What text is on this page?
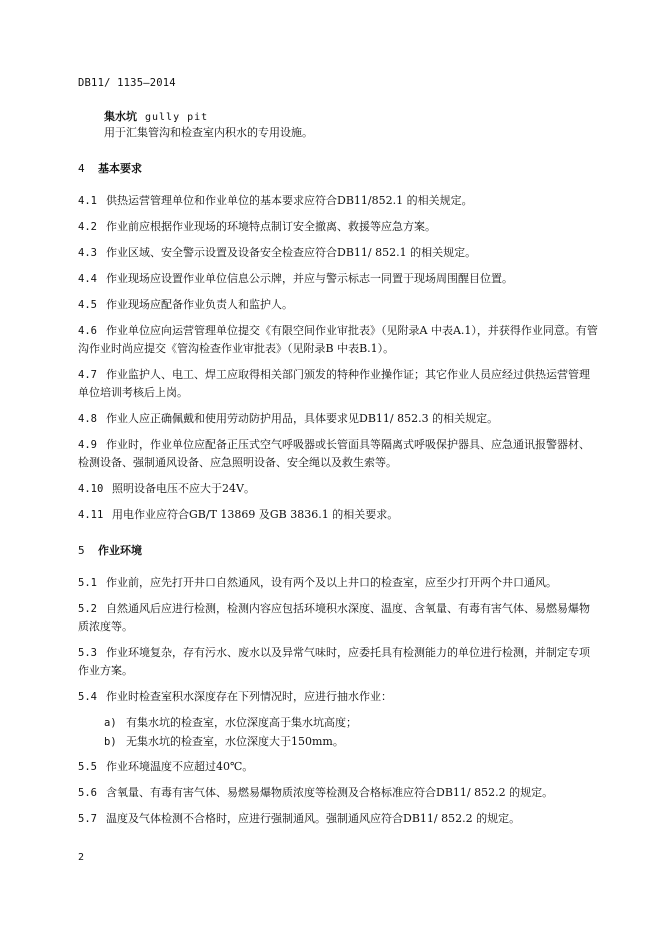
DB11/ 1135—2014
集水坑 gully pit
用于汇集管沟和检查室内积水的专用设施。
4 基本要求
4.1 供热运营管理单位和作业单位的基本要求应符合DB11/852.1 的相关规定。
4.2 作业前应根据作业现场的环境特点制订安全撤离、救援等应急方案。
4.3 作业区域、安全警示设置及设备安全检查应符合DB11/ 852.1 的相关规定。
4.4 作业现场应设置作业单位信息公示牌，并应与警示标志一同置于现场周围醒目位置。
4.5 作业现场应配备作业负责人和监护人。
4.6 作业单位应向运营管理单位提交《有限空间作业审批表》（见附录A 中表A.1），并获得作业同意。有管沟作业时尚应提交《管沟检查作业审批表》（见附录B 中表B.1）。
4.7 作业监护人、电工、焊工应取得相关部门颁发的特种作业操作证；其它作业人员应经过供热运营管理单位培训考核后上岗。
4.8 作业人应正确佩戴和使用劳动防护用品，具体要求见DB11/ 852.3 的相关规定。
4.9 作业时，作业单位应配备正压式空气呼吸器或长管面具等隔离式呼吸保护器具、应急通讯报警器材、检测设备、强制通风设备、应急照明设备、安全绳以及救生索等。
4.10 照明设备电压不应大于24V。
4.11 用电作业应符合GB/T 13869 及GB 3836.1 的相关要求。
5 作业环境
5.1 作业前，应先打开井口自然通风，设有两个及以上井口的检查室，应至少打开两个井口通风。
5.2 自然通风后应进行检测，检测内容应包括环境积水深度、温度、含氧量、有毒有害气体、易燃易爆物质浓度等。
5.3 作业环境复杂，存有污水、废水以及异常气味时，应委托具有检测能力的单位进行检测，并制定专项作业方案。
5.4 作业时检查室积水深度存在下列情况时，应进行抽水作业：
a) 有集水坑的检查室，水位深度高于集水坑高度；
b) 无集水坑的检查室，水位深度大于150mm。
5.5 作业环境温度不应超过40℃。
5.6 含氧量、有毒有害气体、易燃易爆物质浓度等检测及合格标准应符合DB11/ 852.2 的规定。
5.7 温度及气体检测不合格时，应进行强制通风。强制通风应符合DB11/ 852.2 的规定。
2
